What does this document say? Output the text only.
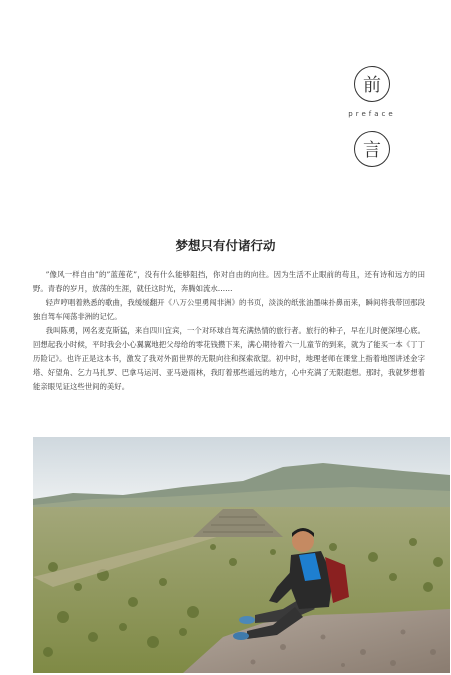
前
preface
言
梦想只有付诸行动

”像风一样自由”的”蓝莲花”，没有什么能够阻挡，你对自由的向往。因为生活不止眼前的苟且，还有诗和远方的田野。青春的岁月，放荡的生涯，就任这时光，奔腾如流水……

轻声哼唱着熟悉的歌曲，我缓缓翻开《八万公里勇闯非洲》的书页，淡淡的纸张油墨味扑鼻而来，瞬间将我带回那段独自驾车闯荡非洲的记忆。

我叫陈勇，网名麦克斯猛，来自四川宜宾，一个对环球自驾充满热情的旅行者。旅行的种子，早在儿时便深埋心底。回想起我小时候，平时我会小心翼翼地把父母给的零花钱攒下来，满心期待着六一儿童节的到来，就为了能买一本《丁丁历险记》。也许正是这本书，激发了我对外面世界的无限向往和探索欲望。初中时，地理老师在课堂上指着地图讲述金字塔、好望角、乞力马扎罗、巴拿马运河、亚马逊雨林，我盯着那些遥远的地方，心中充满了无限遐想。那时，我就梦想着能亲眼见证这些世间的美好。
